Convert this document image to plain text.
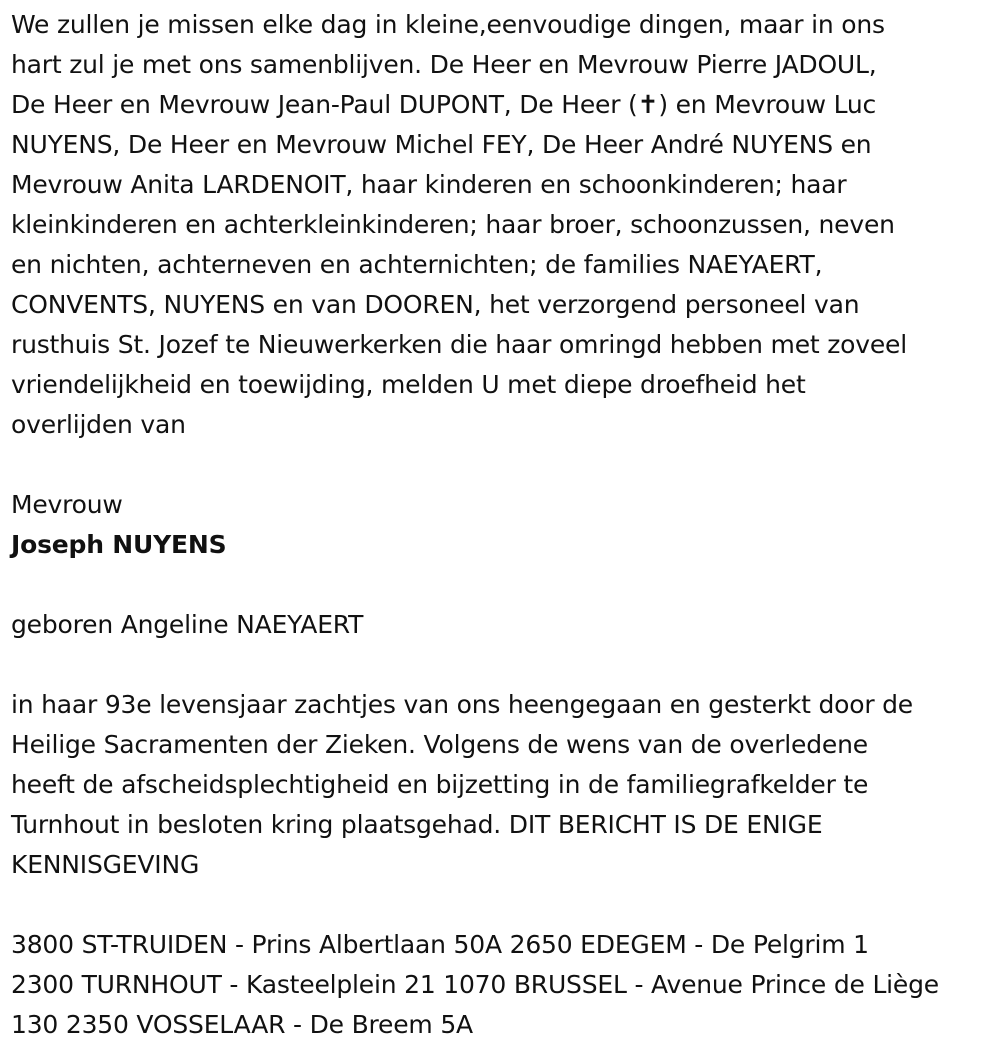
We zullen je missen elke dag in kleine,eenvoudige dingen, maar in ons
hart zul je met ons samenblijven. De Heer en Mevrouw Pierre JADOUL,
De Heer en Mevrouw Jean-Paul DUPONT, De Heer (✝) en Mevrouw Luc
NUYENS, De Heer en Mevrouw Michel FEY, De Heer André NUYENS en
Mevrouw Anita LARDENOIT, haar kinderen en schoonkinderen; haar
kleinkinderen en achterkleinkinderen; haar broer, schoonzussen, neven
en nichten, achterneven en achternichten; de families NAEYAERT,
CONVENTS, NUYENS en van DOOREN, het verzorgend personeel van
rusthuis St. Jozef te Nieuwerkerken die haar omringd hebben met zoveel
vriendelijkheid en toewijding, melden U met diepe droefheid het
overlijden van

Mevrouw

Joseph NUYENS

geboren Angeline NAEYAERT

in haar 93e levensjaar zachtjes van ons heengegaan en gesterkt door de
Heilige Sacramenten der Zieken. Volgens de wens van de overledene
heeft de afscheidsplechtigheid en bijzetting in de familiegrafkelder te
Turnhout in besloten kring plaatsgehad. DIT BERICHT IS DE ENIGE
KENNISGEVING

3800 ST-TRUIDEN - Prins Albertlaan 50A 2650 EDEGEM - De Pelgrim 1
2300 TURNHOUT - Kasteelplein 21 1070 BRUSSEL - Avenue Prince de Liège
130 2350 VOSSELAAR - De Breem 5A
